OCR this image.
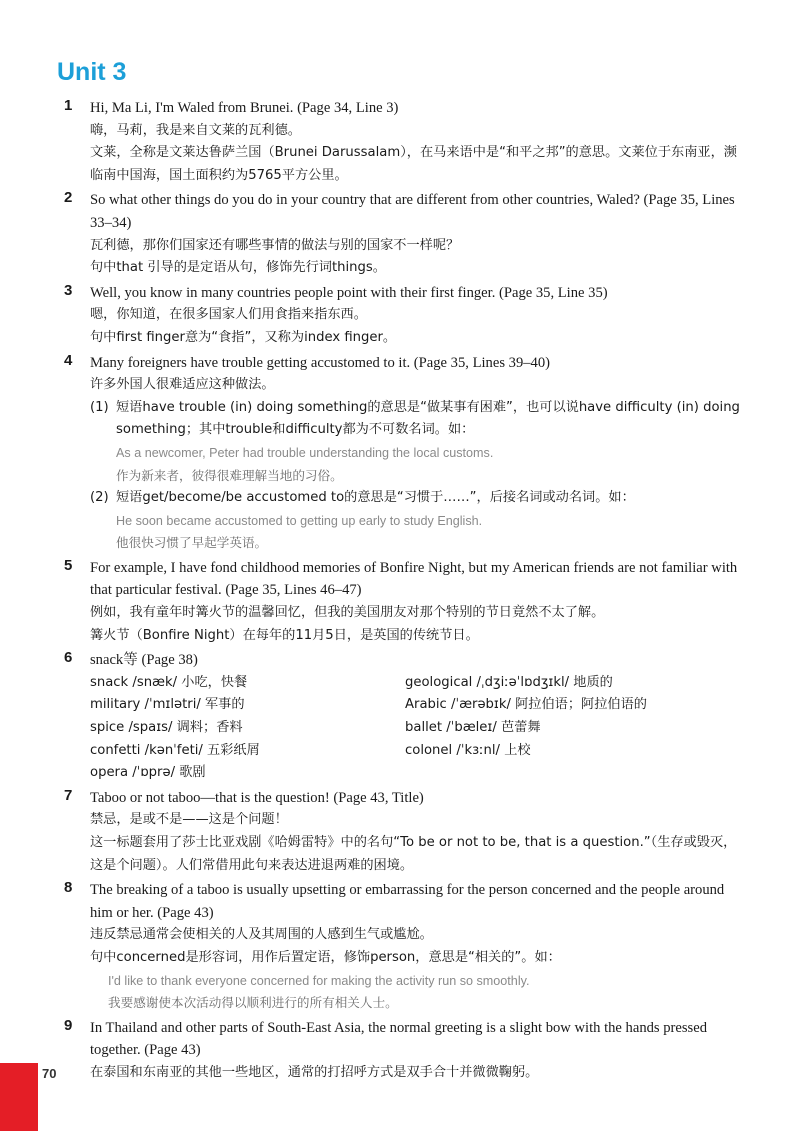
Unit 3
1 Hi, Ma Li, I'm Waled from Brunei. (Page 34, Line 3)
嗨，马莉，我是来自文莱的瓦利德。
文莱，全称是文莱达鲁萨兰国（Brunei Darussalam），在马来语中是“和平之邦”的意思。文莱位于东南亚，濒临南中国海，国土面积约为5765平方公里。
2 So what other things do you do in your country that are different from other countries, Waled? (Page 35, Lines 33–34)
瓦利德，那你们国家还有哪些事情的做法与别的国家不一样呢？
句中that 引导的是定语从句，修饰先行词things。
3 Well, you know in many countries people point with their first finger. (Page 35, Line 35)
嗯，你知道，在很多国家人们用食指来指东西。
句中first finger意为“食指”，又称为index finger。
4 Many foreigners have trouble getting accustomed to it. (Page 35, Lines 39–40)
许多外国人很难适应这种做法。
(1) 短语have trouble (in) doing something的意思是“做某事有困难”，也可以说have difficulty (in) doing something；其中trouble和difficulty都为不可数名词。如：
As a newcomer, Peter had trouble understanding the local customs.
作为新来者，彼得很难理解当地的习俗。
(2) 短语get/become/be accustomed to的意思是“习惯于……”，后接名词或动名词。如：
He soon became accustomed to getting up early to study English.
他很快习惯了早起学英语。
5 For example, I have fond childhood memories of Bonfire Night, but my American friends are not familiar with that particular festival. (Page 35, Lines 46–47)
例如，我有童年时篝火节的温馨回忆，但我的美国朋友对那个特别的节日竟然不太了解。
篝火节（Bonfire Night）在每年的11月5日，是英国的传统节日。
6 snack等 (Page 38)
snack /snæk/ 小吃，快餐	geological /ˌdʒiːəˈlɒdʒɪkl/ 地质的
military /ˈmɪlətri/ 军事的	Arabic /ˈærəbɪk/ 阿拉伯语；阿拉伯语的
spice /spaɪs/ 调料；香料	ballet /ˈbæleɪ/ 芭蕾舞
confetti /kənˈfeti/ 五彩纸屑	colonel /ˈkɜːnl/ 上校
opera /ˈɒprə/ 歌剧
7 Taboo or not taboo—that is the question! (Page 43, Title)
禁忌，是或不是——这是个问题！
这一标题套用了莎士比亚戏剧《哈姆雷特》中的名句“To be or not to be, that is a question.”（生存或毁灭，这是个问题）。人们常借用此句来表达进退两难的困境。
8 The breaking of a taboo is usually upsetting or embarrassing for the person concerned and the people around him or her. (Page 43)
违反禁忌通常会使相关的人及其周围的人感到生气或尴尬。
句中concerned是形容词，用作后置定语，修饰person，意思是“相关的”。如：
I'd like to thank everyone concerned for making the activity run so smoothly.
我要感谢使本次活动得以顺利进行的所有相关人士。
9 In Thailand and other parts of South-East Asia, the normal greeting is a slight bow with the hands pressed together. (Page 43)
在泰国和东南亚的其他一些地区，通常的打招呼方式是双手合十并微微鞠躬。
70
